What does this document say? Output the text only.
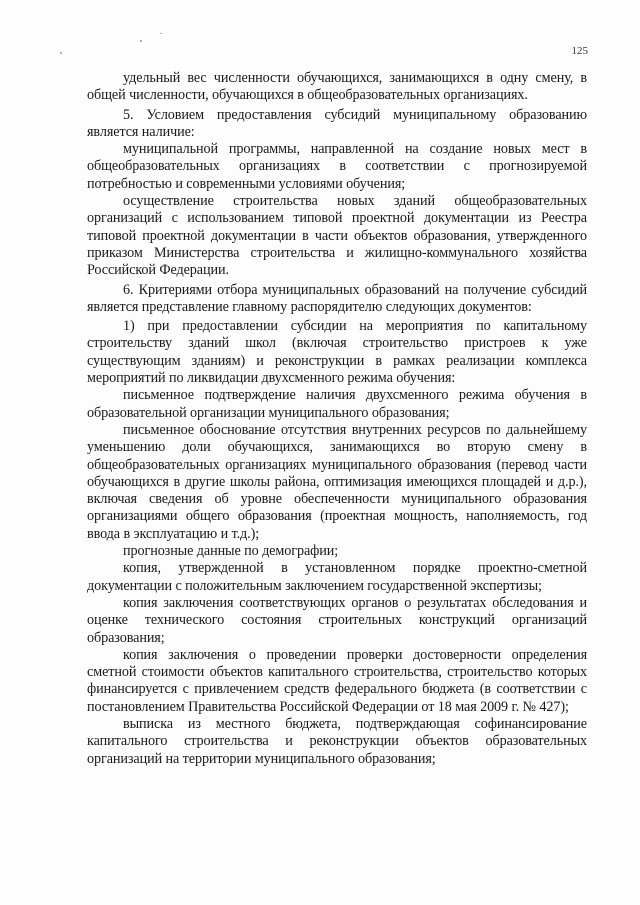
125

удельный вес численности обучающихся, занимающихся в одну смену, в общей численности, обучающихся в общеобразовательных организациях.

5. Условием предоставления субсидий муниципальному образованию является наличие:

муниципальной программы, направленной на создание новых мест в общеобразовательных организациях в соответствии с прогнозируемой потребностью и современными условиями обучения;

осуществление строительства новых зданий общеобразовательных организаций с использованием типовой проектной документации из Реестра типовой проектной документации в части объектов образования, утвержденного приказом Министерства строительства и жилищно-коммунального хозяйства Российской Федерации.

6. Критериями отбора муниципальных образований на получение субсидий является представление главному распорядителю следующих документов:

1) при предоставлении субсидии на мероприятия по капитальному строительству зданий школ (включая строительство пристроев к уже существующим зданиям) и реконструкции в рамках реализации комплекса мероприятий по ликвидации двухсменного режима обучения:

письменное подтверждение наличия двухсменного режима обучения в образовательной организации муниципального образования;

письменное обоснование отсутствия внутренних ресурсов по дальнейшему уменьшению доли обучающихся, занимающихся во вторую смену в общеобразовательных организациях муниципального образования (перевод части обучающихся в другие школы района, оптимизация имеющихся площадей и д.р.), включая сведения об уровне обеспеченности муниципального образования организациями общего образования (проектная мощность, наполняемость, год ввода в эксплуатацию и т.д.);

прогнозные данные по демографии;

копия, утвержденной в установленном порядке проектно-сметной документации с положительным заключением государственной экспертизы;

копия заключения соответствующих органов о результатах обследования и оценке технического состояния строительных конструкций организаций образования;

копия заключения о проведении проверки достоверности определения сметной стоимости объектов капитального строительства, строительство которых финансируется с привлечением средств федерального бюджета (в соответствии с постановлением Правительства Российской Федерации от 18 мая 2009 г. № 427);

выписка из местного бюджета, подтверждающая софинансирование капитального строительства и реконструкции объектов образовательных организаций на территории муниципального образования;
